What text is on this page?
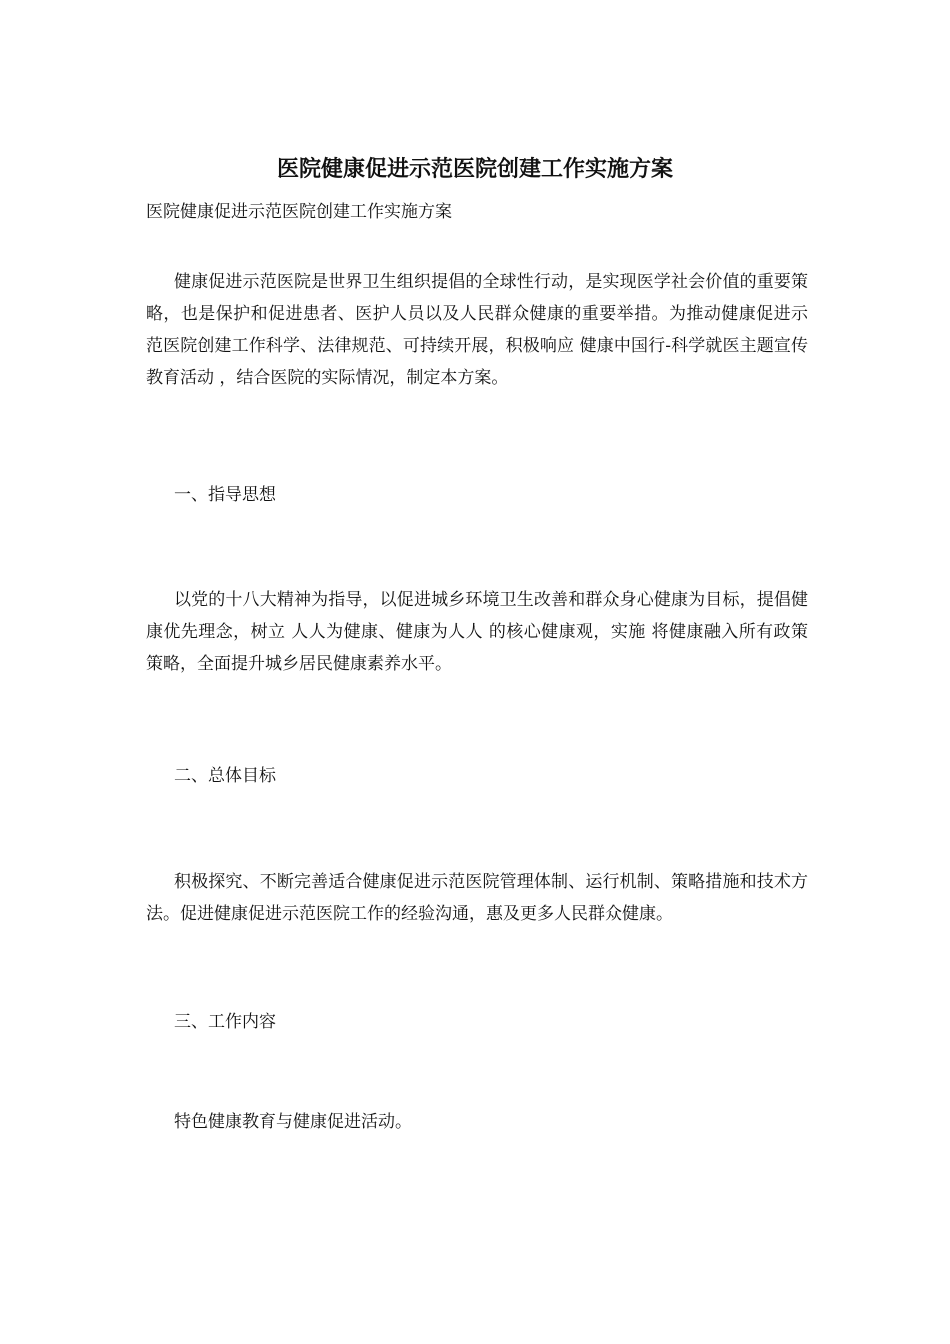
医院健康促进示范医院创建工作实施方案
医院健康促进示范医院创建工作实施方案

健康促进示范医院是世界卫生组织提倡的全球性行动，是实现医学社会价值的重要策略，也是保护和促进患者、医护人员以及人民群众健康的重要举措。为推动健康促进示范医院创建工作科学、法律规范、可持续开展，积极响应 健康中国行-科学就医主题宣传教育活动 ，结合医院的实际情况，制定本方案。

一、指导思想

以党的十八大精神为指导，以促进城乡环境卫生改善和群众身心健康为目标，提倡健康优先理念，树立 人人为健康、健康为人人 的核心健康观，实施 将健康融入所有政策 策略，全面提升城乡居民健康素养水平。

二、总体目标

积极探究、不断完善适合健康促进示范医院管理体制、运行机制、策略措施和技术方法。促进健康促进示范医院工作的经验沟通，惠及更多人民群众健康。

三、工作内容

特色健康教育与健康促进活动。
